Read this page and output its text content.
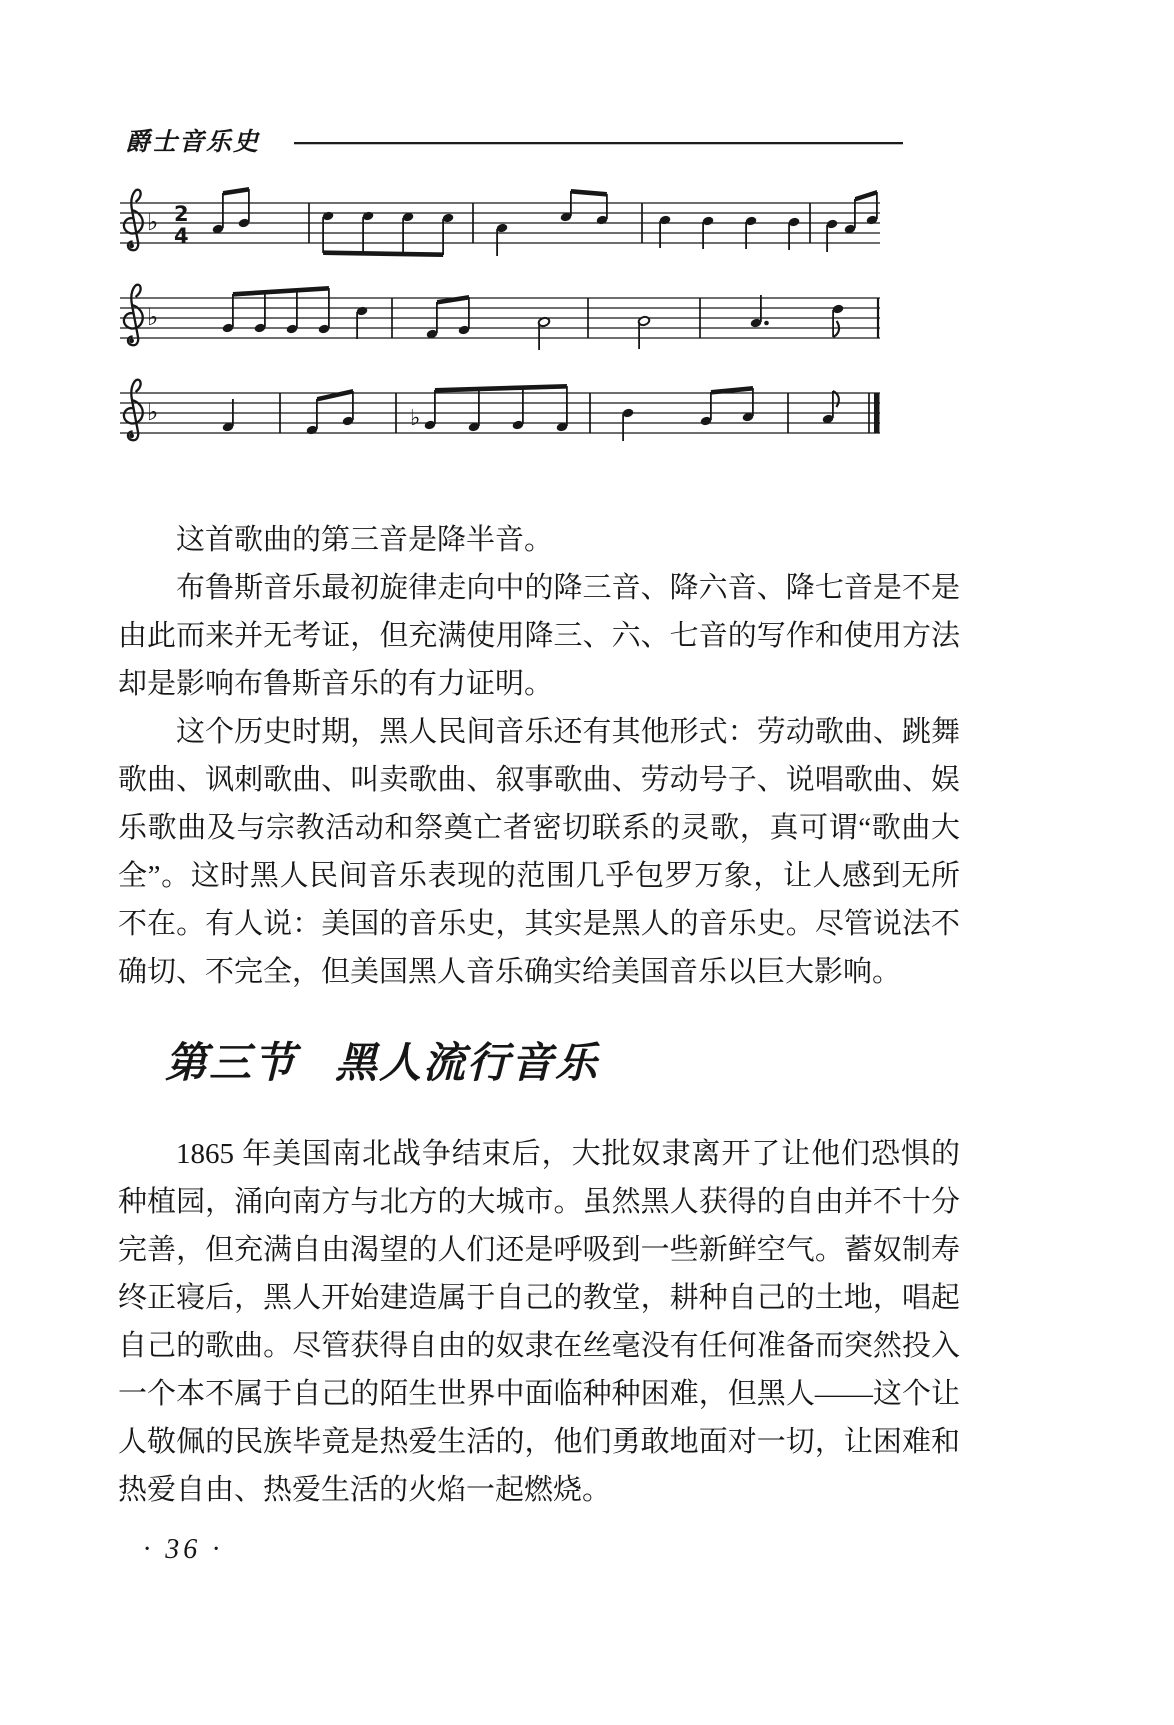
爵士音乐史
♭ 2
4
♭
♭	♭

这首歌曲的第三音是降半音。

布鲁斯音乐最初旋律走向中的降三音、降六音、降七音是不是由此而来并无考证，但充满使用降三、六、七音的写作和使用方法却是影响布鲁斯音乐的有力证明。

这个历史时期，黑人民间音乐还有其他形式：劳动歌曲、跳舞歌曲、讽刺歌曲、叫卖歌曲、叙事歌曲、劳动号子、说唱歌曲、娱乐歌曲及与宗教活动和祭奠亡者密切联系的灵歌，真可谓“歌曲大全”。这时黑人民间音乐表现的范围几乎包罗万象，让人感到无所不在。有人说：美国的音乐史，其实是黑人的音乐史。尽管说法不确切、不完全，但美国黑人音乐确实给美国音乐以巨大影响。

第三节 黑人流行音乐

1865 年美国南北战争结束后，大批奴隶离开了让他们恐惧的种植园，涌向南方与北方的大城市。虽然黑人获得的自由并不十分完善，但充满自由渴望的人们还是呼吸到一些新鲜空气。蓄奴制寿终正寝后，黑人开始建造属于自己的教堂，耕种自己的土地，唱起自己的歌曲。尽管获得自由的奴隶在丝毫没有任何准备而突然投入一个本不属于自己的陌生世界中面临种种困难，但黑人——这个让人敬佩的民族毕竟是热爱生活的，他们勇敢地面对一切，让困难和热爱自由、热爱生活的火焰一起燃烧。

· 36 ·
